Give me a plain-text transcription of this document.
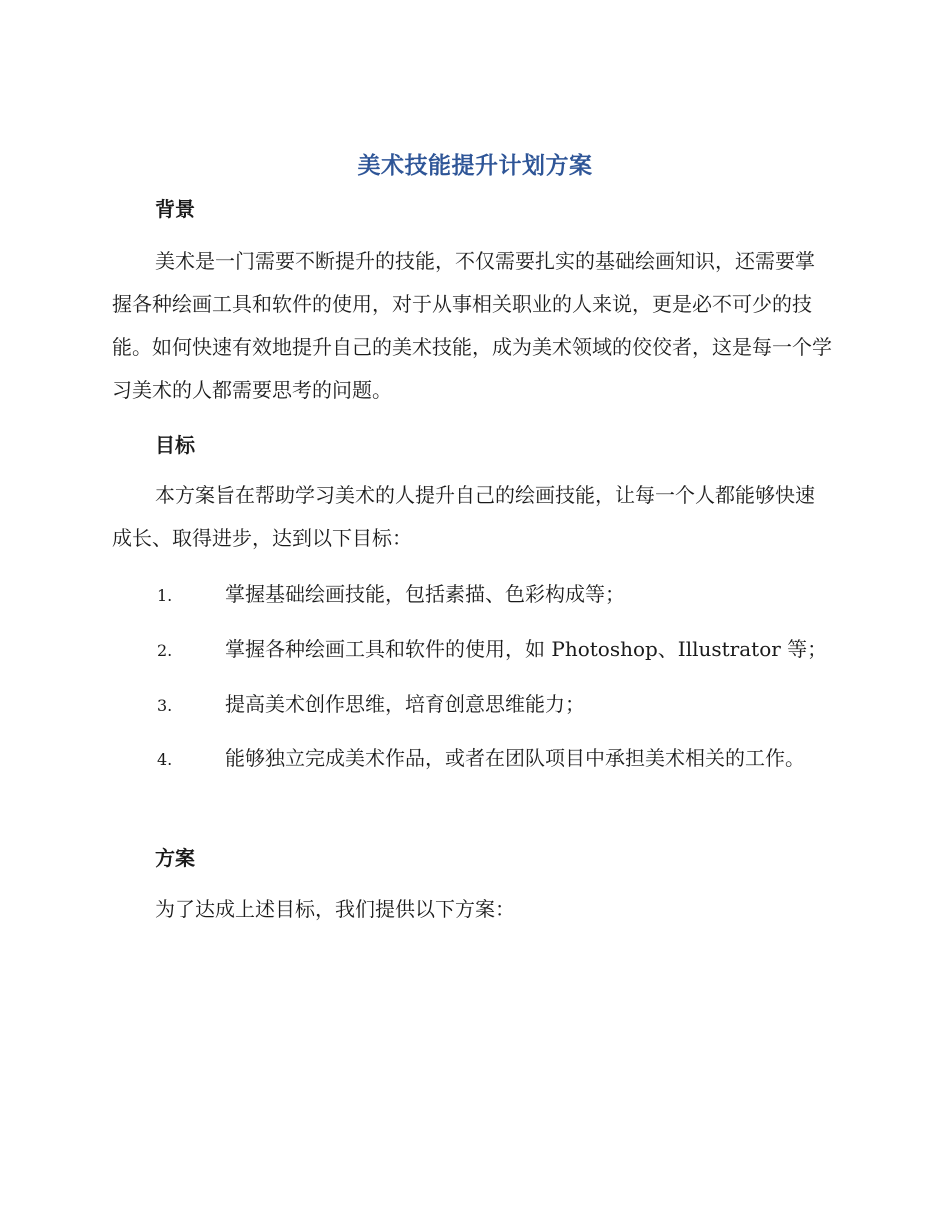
美术技能提升计划方案
背景
美术是一门需要不断提升的技能，不仅需要扎实的基础绘画知识，还需要掌握各种绘画工具和软件的使用，对于从事相关职业的人来说，更是必不可少的技能。如何快速有效地提升自己的美术技能，成为美术领域的佼佼者，这是每一个学习美术的人都需要思考的问题。
目标
本方案旨在帮助学习美术的人提升自己的绘画技能，让每一个人都能够快速成长、取得进步，达到以下目标：
1.	掌握基础绘画技能，包括素描、色彩构成等；
2.	掌握各种绘画工具和软件的使用，如 Photoshop、Illustrator 等；
3.	提高美术创作思维，培育创意思维能力；
4.	能够独立完成美术作品，或者在团队项目中承担美术相关的工作。
方案
为了达成上述目标，我们提供以下方案：
